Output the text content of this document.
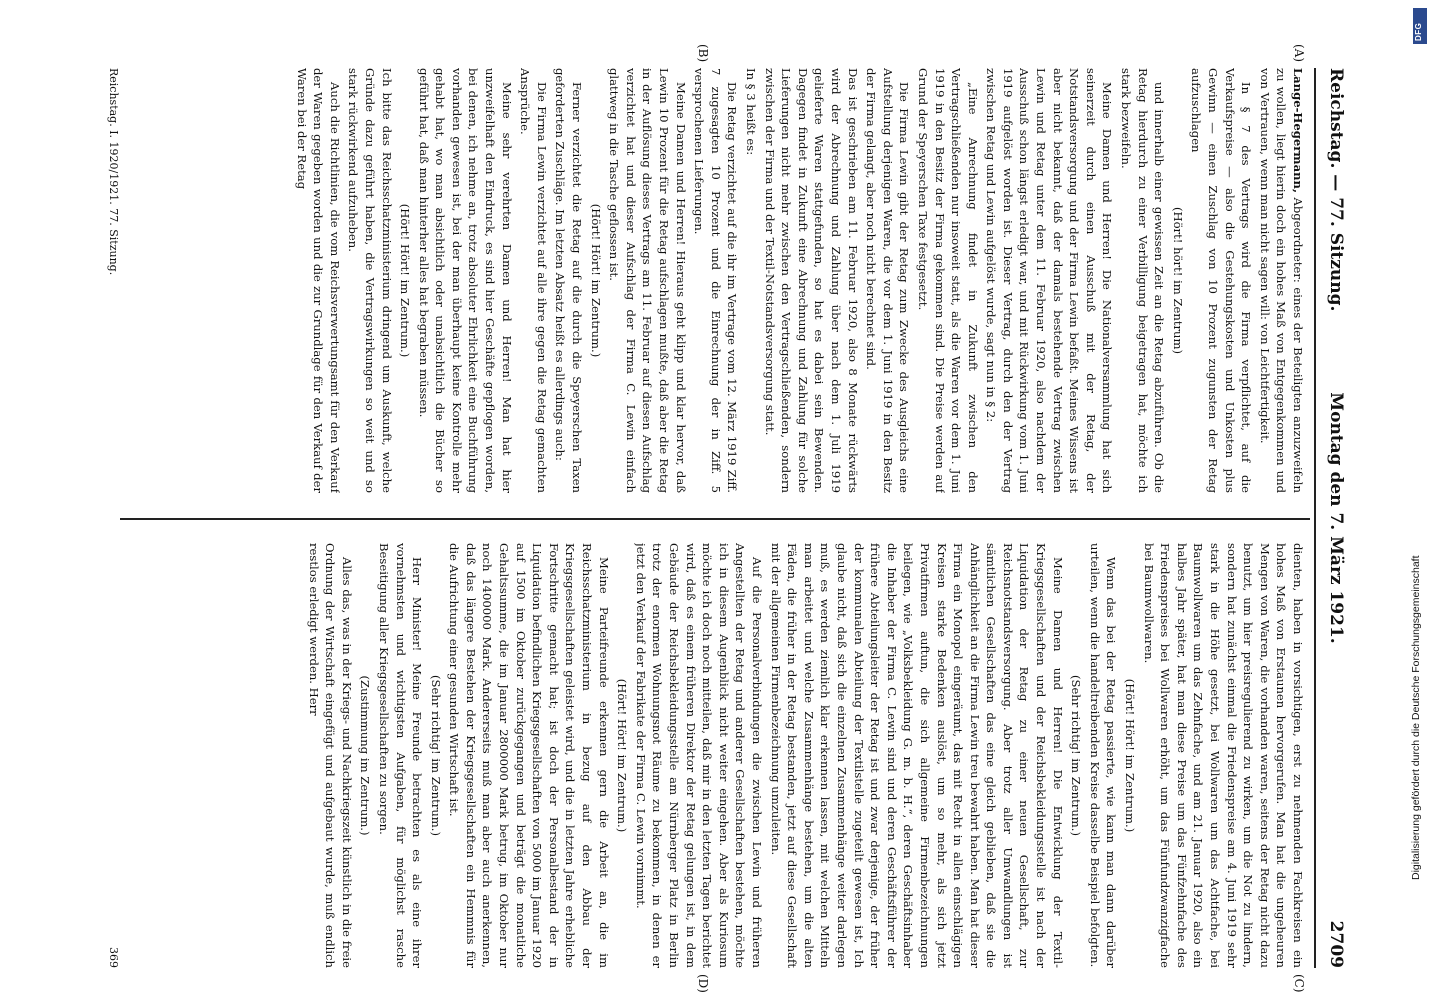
Reichstag. — 77. Sitzung.
Montag den 7. März 1921.
2709
(A)
(B)
(C)
(D)

Lange-Hegermann, Abgeordneter: eines der Beteiligten anzuzweifeln zu wollen, liegt hierin doch ein hohes Maß von Entgegenkommen und von Vertrauen, wenn man nicht sagen will: von Leichtfertigkeit.

In § 7 des Vertrags wird die Firma verpflichtet, auf die Verkaufspreise — also die Gestehungskosten und Unkosten plus Gewinn — einen Zuschlag von 10 Prozent zugunsten der Retag aufzuschlagen

(Hört! hört! im Zentrum)

und innerhalb einer gewissen Zeit an die Retag abzuführen. Ob die Retag hierdurch zu einer Verbilligung beigetragen hat, möchte ich stark bezweifeln.

Meine Damen und Herren! Die Nationalversammlung hat sich seinerzeit durch einen Ausschuß mit der Retag, der Notstandsversorgung und der Firma Lewin befaßt. Meines Wissens ist aber nicht bekannt, daß der damals bestehende Vertrag zwischen Lewin und Retag unter dem 11. Februar 1920, also nachdem der Ausschuß schon längst erledigt war, und mit Rückwirkung vom 1. Juni 1919 aufgelöst worden ist. Dieser Vertrag, durch den der Vertrag zwischen Retag und Lewin aufgelöst wurde, sagt nun in § 2:

„Eine Anrechnung findet in Zukunft zwischen den Vertragschließenden nur insoweit statt, als die Waren vor dem 1. Juni 1919 in den Besitz der Firma gekommen sind. Die Preise werden auf Grund der Speyerschen Taxe festgesetzt.

Die Firma Lewin gibt der Retag zum Zwecke des Ausgleichs eine Aufstellung derjenigen Waren, die vor dem 1. Juni 1919 in den Besitz der Firma gelangt, aber noch nicht berechnet sind.

Das ist geschrieben am 11. Februar 1920, also 8 Monate rückwärts wird der Abrechnung und Zahlung über nach dem 1. Juli 1919 gelieferte Waren stattgefunden, so hat es dabei sein Bewenden. Dagegen findet in Zukunft eine Abrechnung und Zahlung für solche Lieferungen nicht mehr zwischen den Vertragschließenden, sondern zwischen der Firma und der Textil-Notstandsversorgung statt.

In § 3 heißt es:

Die Retag verzichtet auf die ihr im Vertrage vom 12. März 1919 Ziff. 7 zugesagten 10 Prozent und die Einrechnung der in Ziff. 5 versprochenen Lieferungen.

Meine Damen und Herren! Hieraus geht klipp und klar hervor, daß Lewin 10 Prozent für die Retag aufschlagen mußte, daß aber die Retag in der Auflösung dieses Vertrags am 11. Februar auf diesen Aufschlag verzichtet hat und dieser Aufschlag der Firma C. Lewin einfach glattweg in die Tasche geflossen ist.

(Hört! Hört! im Zentrum.)

Ferner verzichtet die Retag auf die durch die Speyerschen Taxen geforderten Zuschläge. Im letzten Absatz heißt es allerdings auch:

Die Firma Lewin verzichtet auf alle ihre gegen die Retag gemachten Ansprüche.

Meine sehr verehrten Damen und Herren! Man hat hier unzweifelhaft den Eindruck, es sind hier Geschäfte gepflogen worden, bei denen, ich nehme an, trotz absoluter Ehrlichkeit eine Buchführung vorhanden gewesen ist, bei der man überhaupt keine Kontrolle mehr gehabt hat, wo man absichtlich oder unabsichtlich die Bücher so geführt hat, daß man hinterher alles hat begraben müssen.

(Hört! Hört! im Zentrum.)

Ich bitte das Reichsschatzministerium dringend um Auskunft, welche Gründe dazu geführt haben, die Vertragswirkungen so weit und so stark rückwirkend aufzuheben.

Auch die Richtlinien, die vom Reichsverwertungsamt für den Verkauf der Waren gegeben worden und die zur Grundlage für den Verkauf der Waren bei der Retag

dienten, haben in vorsichtigen, erst zu nehmenden Fachkreisen ein hohes Maß von Erstaunen hervorgerufen. Man hat die ungeheuren Mengen von Waren, die vorhanden waren, seitens der Retag nicht dazu benutzt, um hier preisregulierend zu wirken, um die Not zu lindern, sondern hat zunächst einmal die Friedenspreise am 4. Juni 1919 sehr stark in die Höhe gesetzt, bei Wollwaren um das Achtfache, bei Baumwollwaren um das Zehnfache, und am 21. Januar 1920, also ein halbes Jahr später, hat man diese Preise um das Fünfzehnfache des Friedenspreises bei Wollwaren erhöht, um das Fünfundzwanzigfache bei Baumwollwaren.

(Hört! Hört! im Zentrum.)

Wenn das bei der Retag passierte, wie kann man dann darüber urteilen, wenn die handeltreibenden Kreise dasselbe Beispiel befolgten.

(Sehr richtig! im Zentrum.)

Meine Damen und Herren! Die Entwicklung der Textil-Kriegsgesellschaften und der Reichsbekleidungsstelle ist nach der Liquidation der Retag zu einer neuen Gesellschaft, zur Reichsnotstandsversorgung. Aber trotz aller Umwandlungen ist sämtlichen Gesellschaften das eine gleich geblieben, daß sie die Anhänglichkeit an die Firma Lewin treu bewahrt haben. Man hat dieser Firma ein Monopol eingeräumt, das mit Recht in allen einschlägigen Kreisen starke Bedenken auslöst, um so mehr, als sich jetzt Privatfirmen auftun, die sich allgemeine Firmenbezeichnungen beilegen, wie „Volksbekleidung G. m. b. H.“, deren Geschäftsinhaber die Inhaber der Firma C. Lewin sind und deren Geschäftsführer der frühere Abteilungsleiter der Retag ist und zwar derjenige, der früher der kommunalen Abteilung der Textilstelle zugeteilt gewesen ist, Ich glaube nicht, daß sich die einzelnen Zusammenhänge weiter darlegen muß, es werden ziemlich klar erkennen lassen, mit welchen Mitteln man arbeitet und welche Zusammenhänge bestehen, um die alten Fäden, die früher in der Retag bestanden, jetzt auf diese Gesellschaft mit der allgemeinen Firmenbezeichnung umzuleiten.

Auf die Personalverbindungen die zwischen Lewin und früheren Angestellten der Retag und anderer Gesellschaften bestehen, möchte ich in diesem Augenblick nicht weiter eingehen. Aber als Kuriosum möchte ich doch noch mitteilen, daß mir in den letzten Tagen berichtet wird, daß es einem früheren Direktor der Retag gelungen ist, in dem Gebäude der Reichsbekleidungsstelle am Nürnberger Platz in Berlin trotz der enormen Wohnungsnot Räume zu bekommen, in denen er jetzt den Verkauf der Fabrikate der Firma C. Lewin vornimmt.

(Hört! Hört! im Zentrum.)

Meine Parteifreunde erkennen gern die Arbeit an, die im Reichsschatzministerium in bezug auf den Abbau der Kriegsgesellschaften geleistet wird, und die in letzten Jahre erhebliche Fortschritte gemacht hat; ist doch der Personalbestand der in Liquidation befindlichen Kriegsgesellschaften von 5000 im Januar 1920 auf 1500 im Oktober zurückgegangen und beträgt die monatliche Gehaltssumme, die im Januar 2800000 Mark betrug, im Oktober nur noch 1400000 Mark. Andererseits muß man aber auch anerkennen, daß das längere Bestehen der Kriegsgesellschaften ein Hemmnis für die Aufrichtung einer gesunden Wirtschaft ist.

(Sehr richtig! im Zentrum.)

Herr Minister! Meine Freunde betrachten es als eine ihrer vornehmsten und wichtigsten Aufgaben, für möglichst rasche Beseitigung aller Kriegsgesellschaften zu sorgen.

(Zustimmung im Zentrum.)

Alles das, was in der Kriegs- und Nachkriegszeit künstlich in die freie Ordnung der Wirtschaft eingefügt und aufgebaut wurde, muß endlich restlos erledigt werden. Herr

Reichstag. I. 1920/1921. 77. Sitzung.
369
Digitalisierung gefördert durch die Deutsche Forschungsgemeinschaft
DFG
